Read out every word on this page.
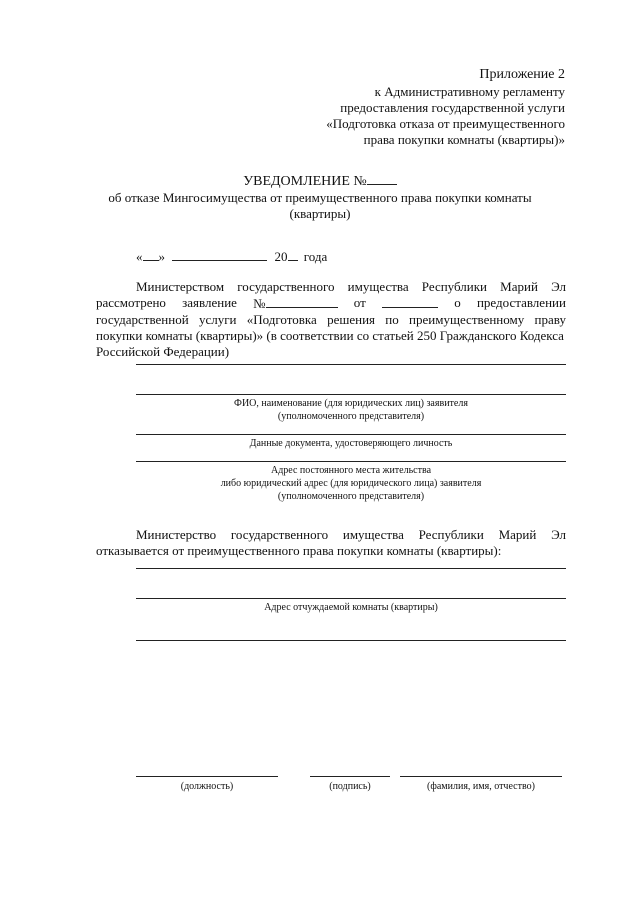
Приложение 2
к Административному регламенту
предоставления государственной услуги
«Подготовка отказа от преимущественного
права покупки комнаты (квартиры)»
УВЕДОМЛЕНИЕ №
об отказе Мингосимущества от преимущественного права покупки комнаты
(квартиры)
« »	20 года
Министерством государственного имущества Республики Марий Эл
рассмотрено заявление №	от	о предоставлении
государственной услуги «Подготовка решения по преимущественному праву
покупки комнаты (квартиры)» (в соответствии со статьей 250 Гражданского Кодекса
Российской Федерации)
ФИО, наименование (для юридических лиц) заявителя
(уполномоченного представителя)
Данные документа, удостоверяющего личность
Адрес постоянного места жительства
либо юридический адрес (для юридического лица) заявителя
(уполномоченного представителя)
Министерство государственного имущества Республики Марий Эл
отказывается от преимущественного права покупки комнаты (квартиры):
Адрес отчуждаемой комнаты (квартиры)
(должность)	(подпись)	(фамилия, имя, отчество)
